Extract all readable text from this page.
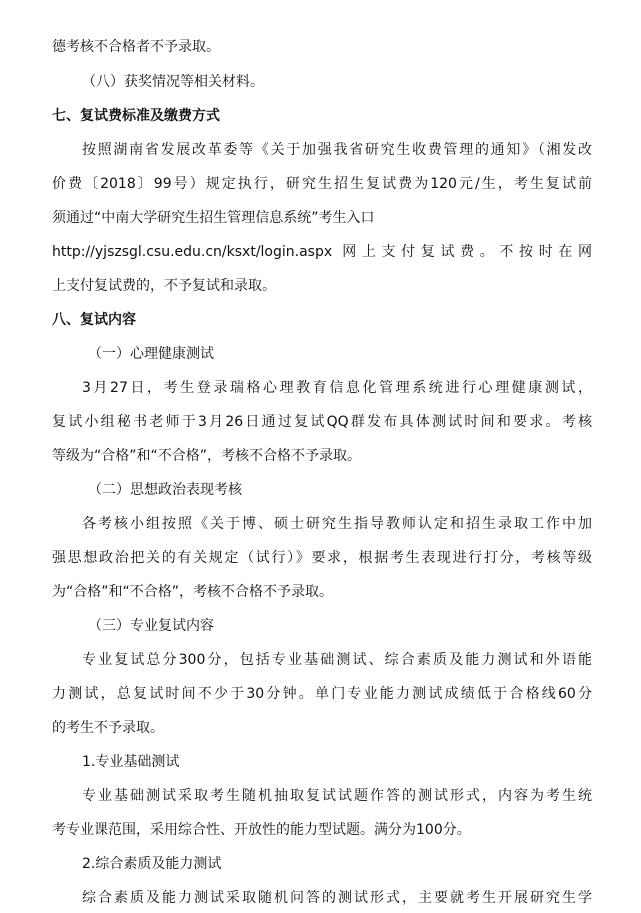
德考核不合格者不予录取。
（八）获奖情况等相关材料。
七、复试费标准及缴费方式
按照湖南省发展改革委等《关于加强我省研究生收费管理的通知》（湘发改
价费〔2018〕99号）规定执行，研究生招生复试费为120元/生，考生复试前
须通过“中南大学研究生招生管理信息系统”考生入口
http://yjszsgl.csu.edu.cn/ksxt/login.aspx 网上支付复试费。不按时在网
上支付复试费的，不予复试和录取。
八、复试内容
（一）心理健康测试
3月27日，考生登录瑞格心理教育信息化管理系统进行心理健康测试，
复试小组秘书老师于3月26日通过复试QQ群发布具体测试时间和要求。考核
等级为“合格”和“不合格”，考核不合格不予录取。
（二）思想政治表现考核
各考核小组按照《关于博、硕士研究生指导教师认定和招生录取工作中加
强思想政治把关的有关规定（试行）》要求，根据考生表现进行打分，考核等级
为“合格”和“不合格”，考核不合格不予录取。
（三）专业复试内容
专业复试总分300分，包括专业基础测试、综合素质及能力测试和外语能
力测试，总复试时间不少于30分钟。单门专业能力测试成绩低于合格线60分
的考生不予录取。
1.专业基础测试
专业基础测试采取考生随机抽取复试试题作答的测试形式，内容为考生统
考专业课范围，采用综合性、开放性的能力型试题。满分为100分。
2.综合素质及能力测试
综合素质及能力测试采取随机问答的测试形式，主要就考生开展研究生学
